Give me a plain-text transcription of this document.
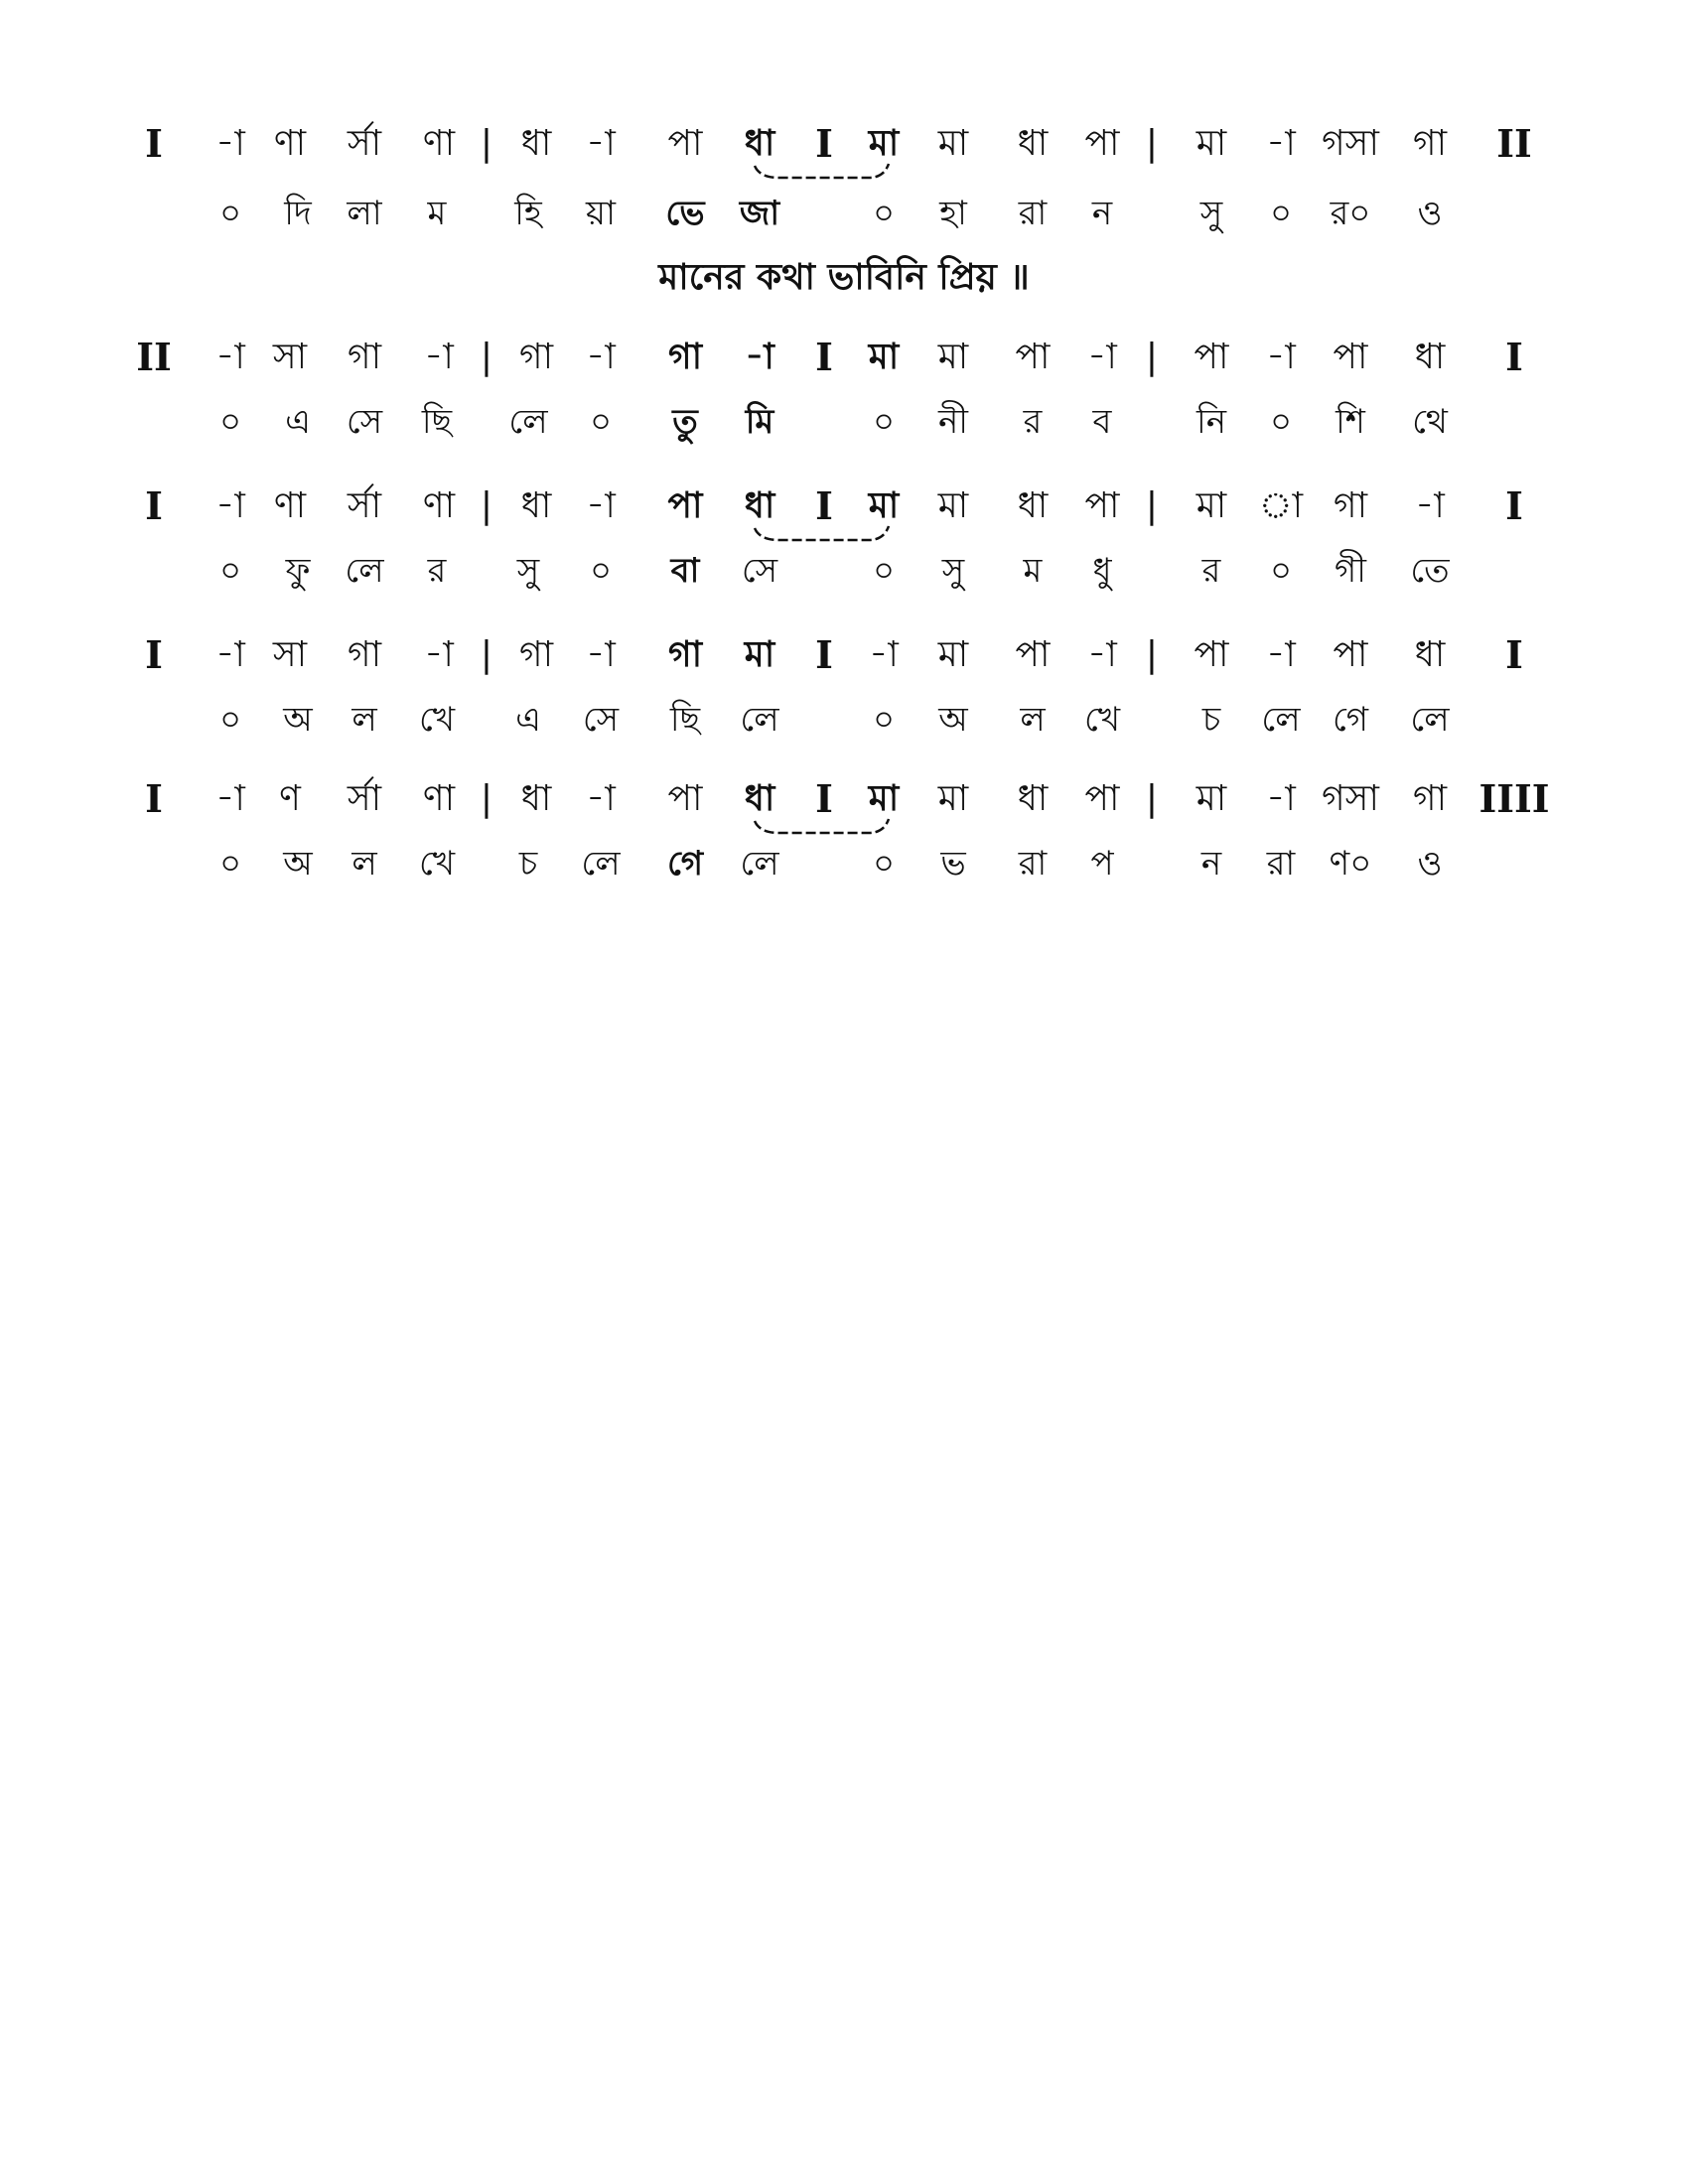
মানের কথা ভাবিনি প্রিয়় ॥
I -া ণা র্সা ণা | ধা -া পা ধা I মা মা ধা পা | মা -া গসা গা II
০ দি লা ম হি য়া ভে জা	০ হা রা ন	সু ০ র০ ও
II -া সা গা -া | গা -া গা -া I মা মা পা -া | পা -া পা ধা I
০ এ সে ছি লে ০ তু মি	০ নী র ব	নি ০ শি থে
I -া ণা র্সা ণা | ধা -া পা ধা I মা মা ধা পা | মা া গা -া I
০ ফু লে র সু ০ বা সে	০ সু ম ধু	র ০ গী তে
I -া সা গা -া | গা -া গা মা I -া মা পা -া | পা -া পা ধা I
০ অ ল খে এ সে ছি লে	০ অ ল খে চ লে গে লে
I -া ণ র্সা ণা | ধা -া পা ধা I মা মা ধা পা | মা -া গসা গা IIII
০ অ ল খে চ লে গে লে	০ ভ রা প	ন রা ণ০ ও
